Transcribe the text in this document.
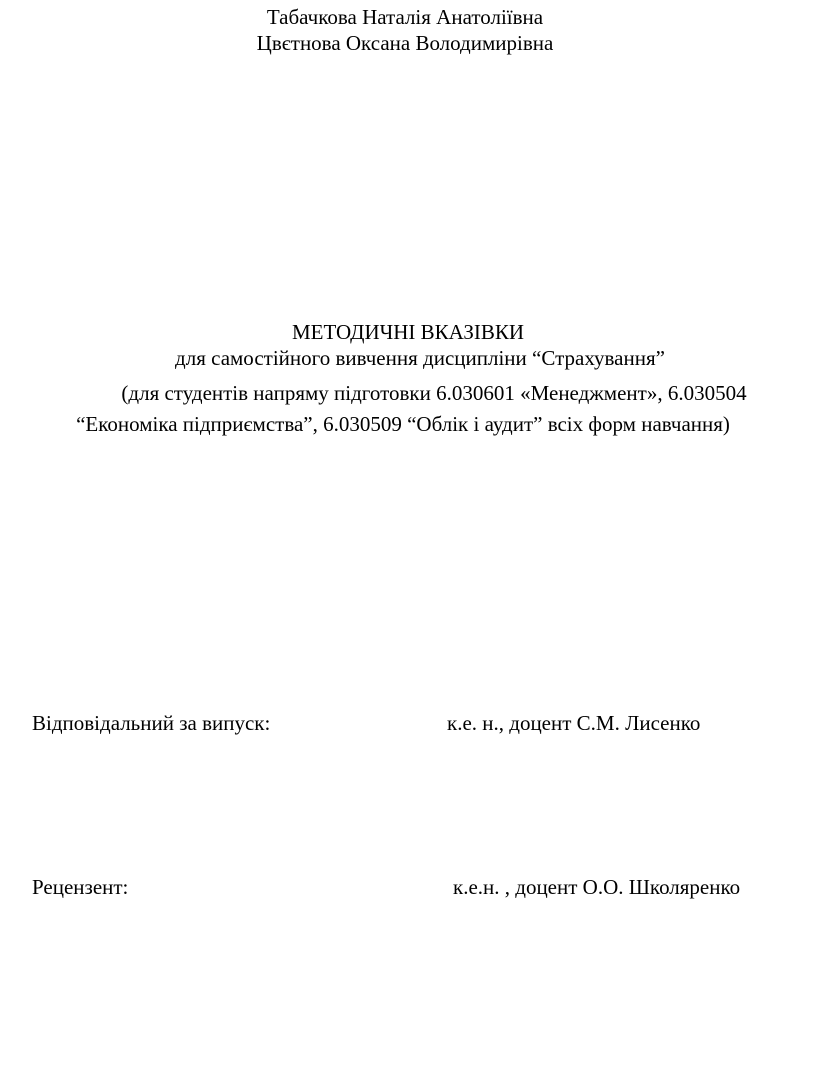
Табачкова Наталія Анатоліївна
Цвєтнова Оксана Володимирівна
МЕТОДИЧНІ ВКАЗІВКИ
для самостійного вивчення дисципліни “Страхування”
(для студентів напряму підготовки 6.030601 «Менеджмент», 6.030504
“Економіка підприємства”, 6.030509 “Облік і аудит” всіх форм навчання)
Відповідальний за випуск:	к.е. н., доцент С.М. Лисенко
Рецензент:	к.е.н. , доцент О.О. Школяренко
